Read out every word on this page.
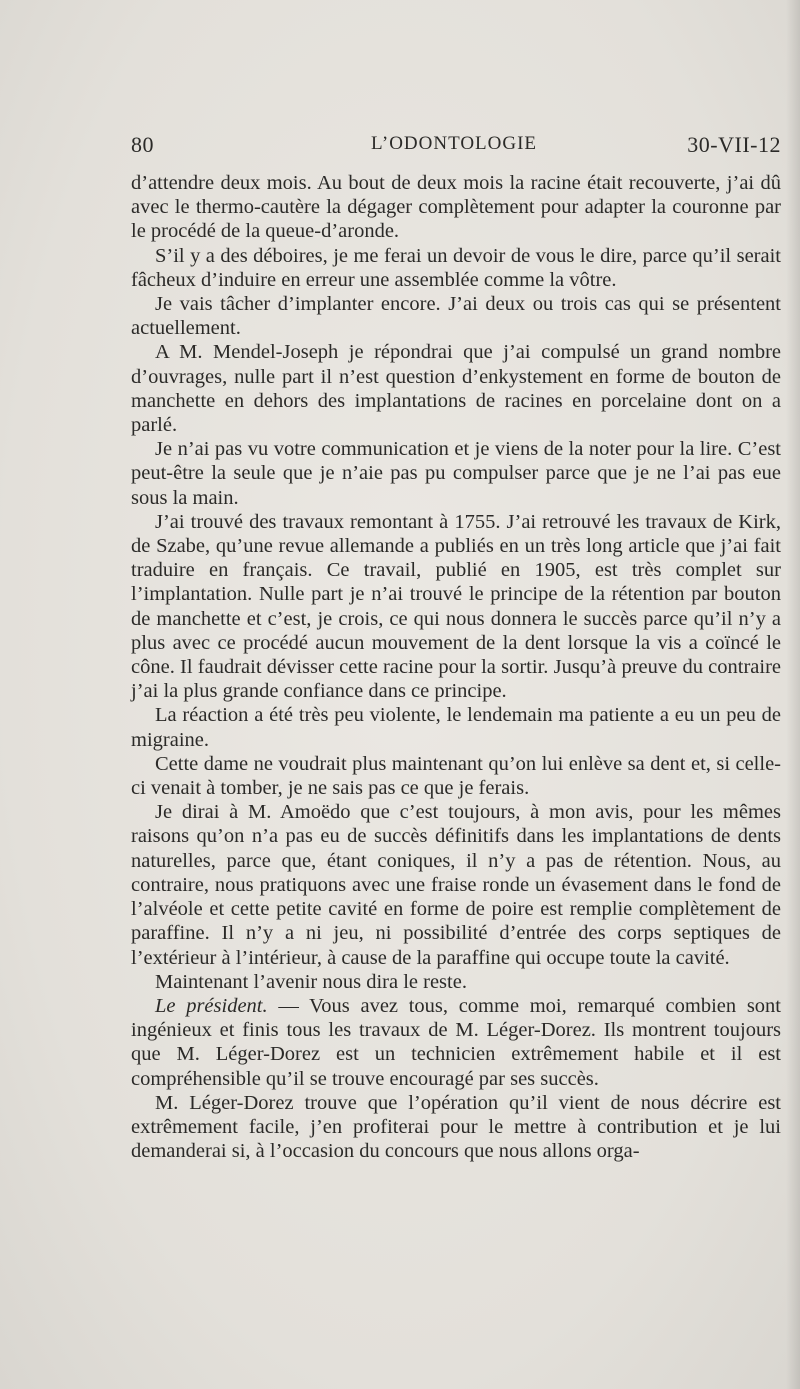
80	L’ODONTOLOGIE	30-VII-12

d’attendre deux mois. Au bout de deux mois la racine était recouverte, j’ai dû avec le thermo-cautère la dégager complètement pour adapter la couronne par le procédé de la queue-d’aronde.

S’il y a des déboires, je me ferai un devoir de vous le dire, parce qu’il serait fâcheux d’induire en erreur une assemblée comme la vôtre.

Je vais tâcher d’implanter encore. J’ai deux ou trois cas qui se présentent actuellement.

A M. Mendel-Joseph je répondrai que j’ai compulsé un grand nombre d’ouvrages, nulle part il n’est question d’enkystement en forme de bouton de manchette en dehors des implantations de racines en porcelaine dont on a parlé.

Je n’ai pas vu votre communication et je viens de la noter pour la lire. C’est peut-être la seule que je n’aie pas pu compulser parce que je ne l’ai pas eue sous la main.

J’ai trouvé des travaux remontant à 1755. J’ai retrouvé les travaux de Kirk, de Szabe, qu’une revue allemande a publiés en un très long article que j’ai fait traduire en français. Ce travail, publié en 1905, est très complet sur l’implantation. Nulle part je n’ai trouvé le principe de la rétention par bouton de manchette et c’est, je crois, ce qui nous donnera le succès parce qu’il n’y a plus avec ce procédé aucun mouvement de la dent lorsque la vis a coïncé le cône. Il faudrait dévisser cette racine pour la sortir. Jusqu’à preuve du contraire j’ai la plus grande confiance dans ce principe.

La réaction a été très peu violente, le lendemain ma patiente a eu un peu de migraine.

Cette dame ne voudrait plus maintenant qu’on lui enlève sa dent et, si celle-ci venait à tomber, je ne sais pas ce que je ferais.

Je dirai à M. Amoëdo que c’est toujours, à mon avis, pour les mêmes raisons qu’on n’a pas eu de succès définitifs dans les implantations de dents naturelles, parce que, étant coniques, il n’y a pas de rétention. Nous, au contraire, nous pratiquons avec une fraise ronde un évasement dans le fond de l’alvéole et cette petite cavité en forme de poire est remplie complètement de paraffine. Il n’y a ni jeu, ni possibilité d’entrée des corps septiques de l’extérieur à l’intérieur, à cause de la paraffine qui occupe toute la cavité.

Maintenant l’avenir nous dira le reste.

Le président. — Vous avez tous, comme moi, remarqué combien sont ingénieux et finis tous les travaux de M. Léger-Dorez. Ils montrent toujours que M. Léger-Dorez est un technicien extrêmement habile et il est compréhensible qu’il se trouve encouragé par ses succès.

M. Léger-Dorez trouve que l’opération qu’il vient de nous décrire est extrêmement facile, j’en profiterai pour le mettre à contribution et je lui demanderai si, à l’occasion du concours que nous allons orga-
